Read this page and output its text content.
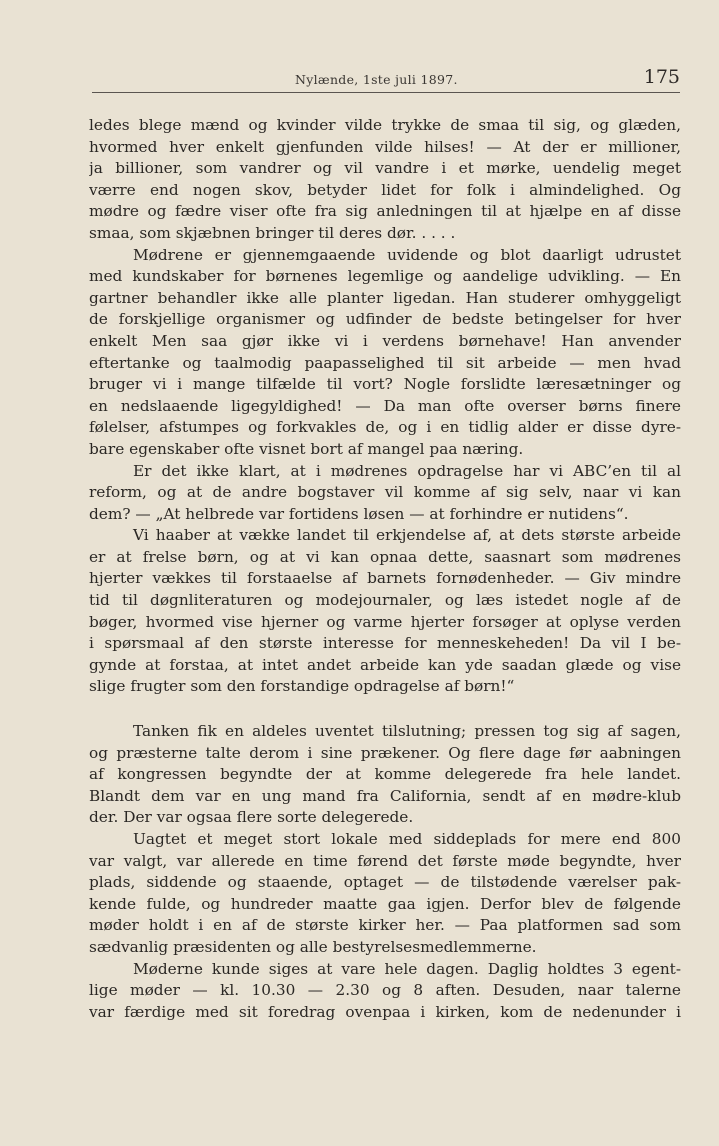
Nylænde, 1ste juli 1897.	175
ledes blege mænd og kvinder vilde trykke de smaa til sig, og glæden,
hvormed hver enkelt gjenfunden vilde hilses! — At der er millioner,
ja billioner, som vandrer og vil vandre i et mørke, uendelig meget
værre end nogen skov, betyder lidet for folk i almindelighed. Og
mødre og fædre viser ofte fra sig anledningen til at hjælpe en af disse
smaa, som skjæbnen bringer til deres dør. . . . .
Mødrene er gjennemgaaende uvidende og blot daarligt udrustet
med kundskaber for børnenes legemlige og aandelige udvikling. — En
gartner behandler ikke alle planter ligedan. Han studerer omhyggeligt
de forskjellige organismer og udfinder de bedste betingelser for hver
enkelt Men saa gjør ikke vi i verdens børnehave! Han anvender
eftertanke og taalmodig paapasselighed til sit arbeide — men hvad
bruger vi i mange tilfælde til vort? Nogle forslidte læresætninger og
en nedslaaende ligegyldighed! — Da man ofte overser børns finere
følelser, afstumpes og forkvakles de, og i en tidlig alder er disse dyre-
bare egenskaber ofte visnet bort af mangel paa næring.
Er det ikke klart, at i mødrenes opdragelse har vi ABC’en til al
reform, og at de andre bogstaver vil komme af sig selv, naar vi kan
dem? — „At helbrede var fortidens løsen — at forhindre er nutidens“.
Vi haaber at vække landet til erkjendelse af, at dets største arbeide
er at frelse børn, og at vi kan opnaa dette, saasnart som mødrenes
hjerter vækkes til forstaaelse af barnets fornødenheder. — Giv mindre
tid til døgnliteraturen og modejournaler, og læs istedet nogle af de
bøger, hvormed vise hjerner og varme hjerter forsøger at oplyse verden
i spørsmaal af den største interesse for menneskeheden! Da vil I be-
gynde at forstaa, at intet andet arbeide kan yde saadan glæde og vise
slige frugter som den forstandige opdragelse af børn!“
Tanken fik en aldeles uventet tilslutning; pressen tog sig af sagen,
og præsterne talte derom i sine prækener. Og flere dage før aabningen
af kongressen begyndte der at komme delegerede fra hele landet.
Blandt dem var en ung mand fra California, sendt af en mødre-klub
der. Der var ogsaa flere sorte delegerede.
Uagtet et meget stort lokale med siddeplads for mere end 800
var valgt, var allerede en time førend det første møde begyndte, hver
plads, siddende og staaende, optaget — de tilstødende værelser pak-
kende fulde, og hundreder maatte gaa igjen. Derfor blev de følgende
møder holdt i en af de største kirker her. — Paa platformen sad som
sædvanlig præsidenten og alle bestyrelsesmedlemmerne.
Møderne kunde siges at vare hele dagen. Daglig holdtes 3 egent-
lige møder — kl. 10.30 — 2.30 og 8 aften. Desuden, naar talerne
var færdige med sit foredrag ovenpaa i kirken, kom de nedenunder i
